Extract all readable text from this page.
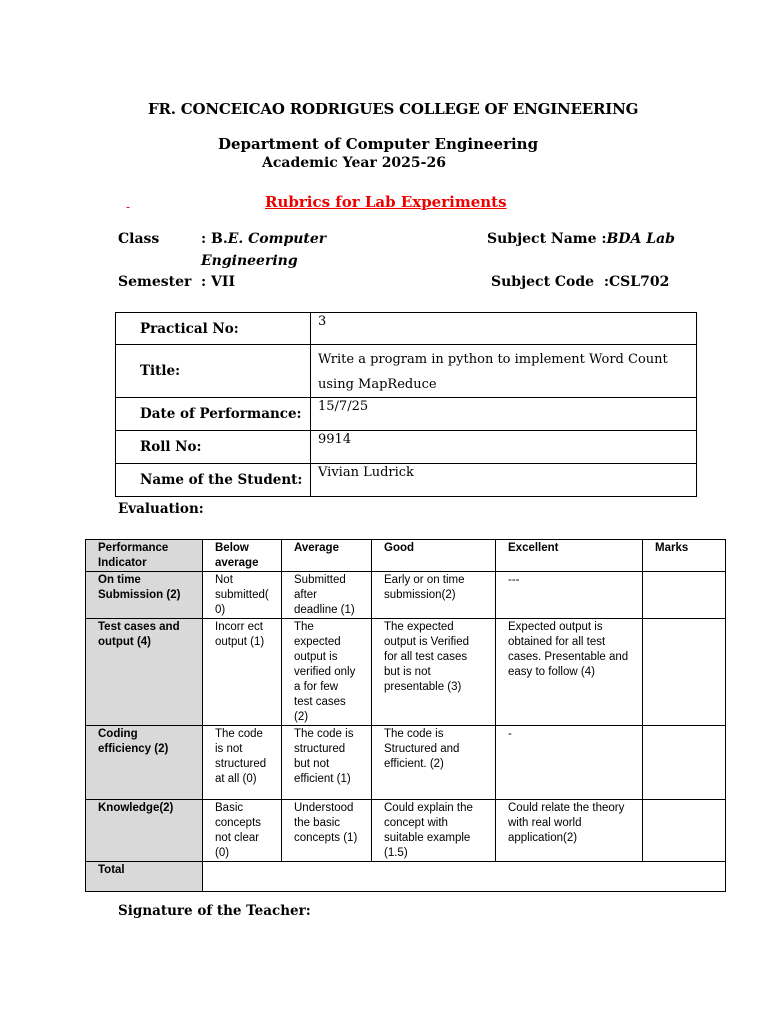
FR. CONCEICAO RODRIGUES COLLEGE OF ENGINEERING
Department of Computer Engineering
Academic Year 2025-26
-	Rubrics for Lab Experiments
Class	: B.E. Computer
Engineering
Semester : VII
Subject Name :BDA Lab
Subject Code :CSL702
Practical No:	3
Title:	Write a program in python to implement Word Count using MapReduce
Date of Performance:	15/7/25
Roll No:	9914
Name of the Student:	Vivian Ludrick
Evaluation:
Performance Indicator	Below average	Average	Good	Excellent	Marks
On time Submission (2)	Not submitted( 0)	Submitted after deadline (1)	Early or on time submission(2)	---	
Test cases and output (4)	Incorr ect output (1)	The expected output is verified only a for few test cases (2)	The expected output is Verified for all test cases but is not presentable (3)	Expected output is obtained for all test cases. Presentable and easy to follow (4)	
Coding efficiency (2)	The code is not structured at all (0)	The code is structured but not efficient (1)	The code is Structured and efficient. (2)	-	
Knowledge(2)	Basic concepts not clear (0)	Understood the basic concepts (1)	Could explain the concept with suitable example (1.5)	Could relate the theory with real world application(2)	
Total					
Signature of the Teacher:
